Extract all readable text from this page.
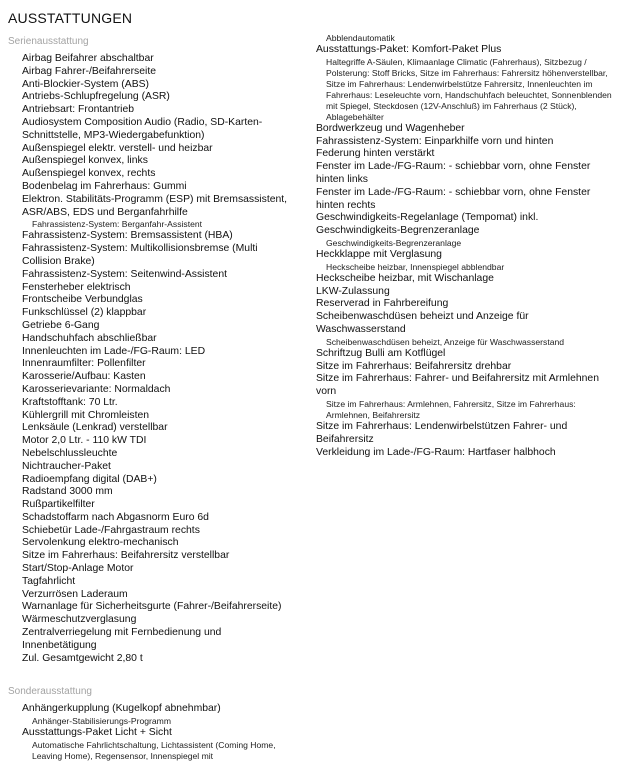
AUSSTATTUNGEN
Serienausstattung
Airbag Beifahrer abschaltbar
Airbag Fahrer-/Beifahrerseite
Anti-Blockier-System (ABS)
Antriebs-Schlupfregelung (ASR)
Antriebsart: Frontantrieb
Audiosystem Composition Audio (Radio, SD-Karten-Schnittstelle, MP3-Wiedergabefunktion)
Außenspiegel elektr. verstell- und heizbar
Außenspiegel konvex, links
Außenspiegel konvex, rechts
Bodenbelag im Fahrerhaus: Gummi
Elektron. Stabilitäts-Programm (ESP) mit Bremsassistent, ASR/ABS, EDS und Berganfahrhilfe
Fahrassistenz-System: Berganfahr-Assistent
Fahrassistenz-System: Bremsassistent (HBA)
Fahrassistenz-System: Multikollisionsbremse (Multi Collision Brake)
Fahrassistenz-System: Seitenwind-Assistent
Fensterheber elektrisch
Frontscheibe Verbundglas
Funkschlüssel (2) klappbar
Getriebe 6-Gang
Handschuhfach abschließbar
Innenleuchten im Lade-/FG-Raum: LED
Innenraumfilter: Pollenfilter
Karosserie/Aufbau: Kasten
Karosserievariante: Normaldach
Kraftstofftank: 70 Ltr.
Kühlergrill mit Chromleisten
Lenksäule (Lenkrad) verstellbar
Motor 2,0 Ltr. - 110 kW TDI
Nebelschlussleuchte
Nichtraucher-Paket
Radioempfang digital (DAB+)
Radstand 3000 mm
Rußpartikelfilter
Schadstoffarm nach Abgasnorm Euro 6d
Schiebetür Lade-/Fahrgastraum rechts
Servolenkung elektro-mechanisch
Sitze im Fahrerhaus: Beifahrersitz verstellbar
Start/Stop-Anlage Motor
Tagfahrlicht
Verzurrösen Laderaum
Warnanlage für Sicherheitsgurte (Fahrer-/Beifahrerseite)
Wärmeschutzverglasung
Zentralverriegelung mit Fernbedienung und Innenbetätigung
Zul. Gesamtgewicht 2,80 t
Abblendautomatik
Ausstattungs-Paket: Komfort-Paket Plus
Haltegriffe A-Säulen, Klimaanlage Climatic (Fahrerhaus), Sitzbezug / Polsterung: Stoff Bricks, Sitze im Fahrerhaus: Fahrersitz höhenverstellbar, Sitze im Fahrerhaus: Lendenwirbelstütze Fahrersitz, Innenleuchten im Fahrerhaus: Leseleuchte vorn, Handschuhfach beleuchtet, Sonnenblenden mit Spiegel, Steckdosen (12V-Anschluß) im Fahrerhaus (2 Stück), Ablagebehälter
Bordwerkzeug und Wagenheber
Fahrassistenz-System: Einparkhilfe vorn und hinten
Federung hinten verstärkt
Fenster im Lade-/FG-Raum: - schiebbar vorn, ohne Fenster hinten links
Fenster im Lade-/FG-Raum: - schiebbar vorn, ohne Fenster hinten rechts
Geschwindigkeits-Regelanlage (Tempomat) inkl. Geschwindigkeits-Begrenzeranlage
Geschwindigkeits-Begrenzeranlage
Heckklappe mit Verglasung
Heckscheibe heizbar, Innenspiegel abblendbar
Heckscheibe heizbar, mit Wischanlage
LKW-Zulassung
Reserverad in Fahrbereifung
Scheibenwaschdüsen beheizt und Anzeige für Waschwasserstand
Scheibenwaschdüsen beheizt, Anzeige für Waschwasserstand
Schriftzug Bulli am Kotflügel
Sitze im Fahrerhaus: Beifahrersitz drehbar
Sitze im Fahrerhaus: Fahrer- und Beifahrersitz mit Armlehnen vorn
Sitze im Fahrerhaus: Armlehnen, Fahrersitz, Sitze im Fahrerhaus: Armlehnen, Beifahrersitz
Sitze im Fahrerhaus: Lendenwirbelstützen Fahrer- und Beifahrersitz
Verkleidung im Lade-/FG-Raum: Hartfaser halbhoch
Sonderausstattung
Anhängerkupplung (Kugelkopf abnehmbar)
Anhänger-Stabilisierungs-Programm
Ausstattungs-Paket Licht + Sicht
Automatische Fahrlichtschaltung, Lichtassistent (Coming Home, Leaving Home), Regensensor, Innenspiegel mit
